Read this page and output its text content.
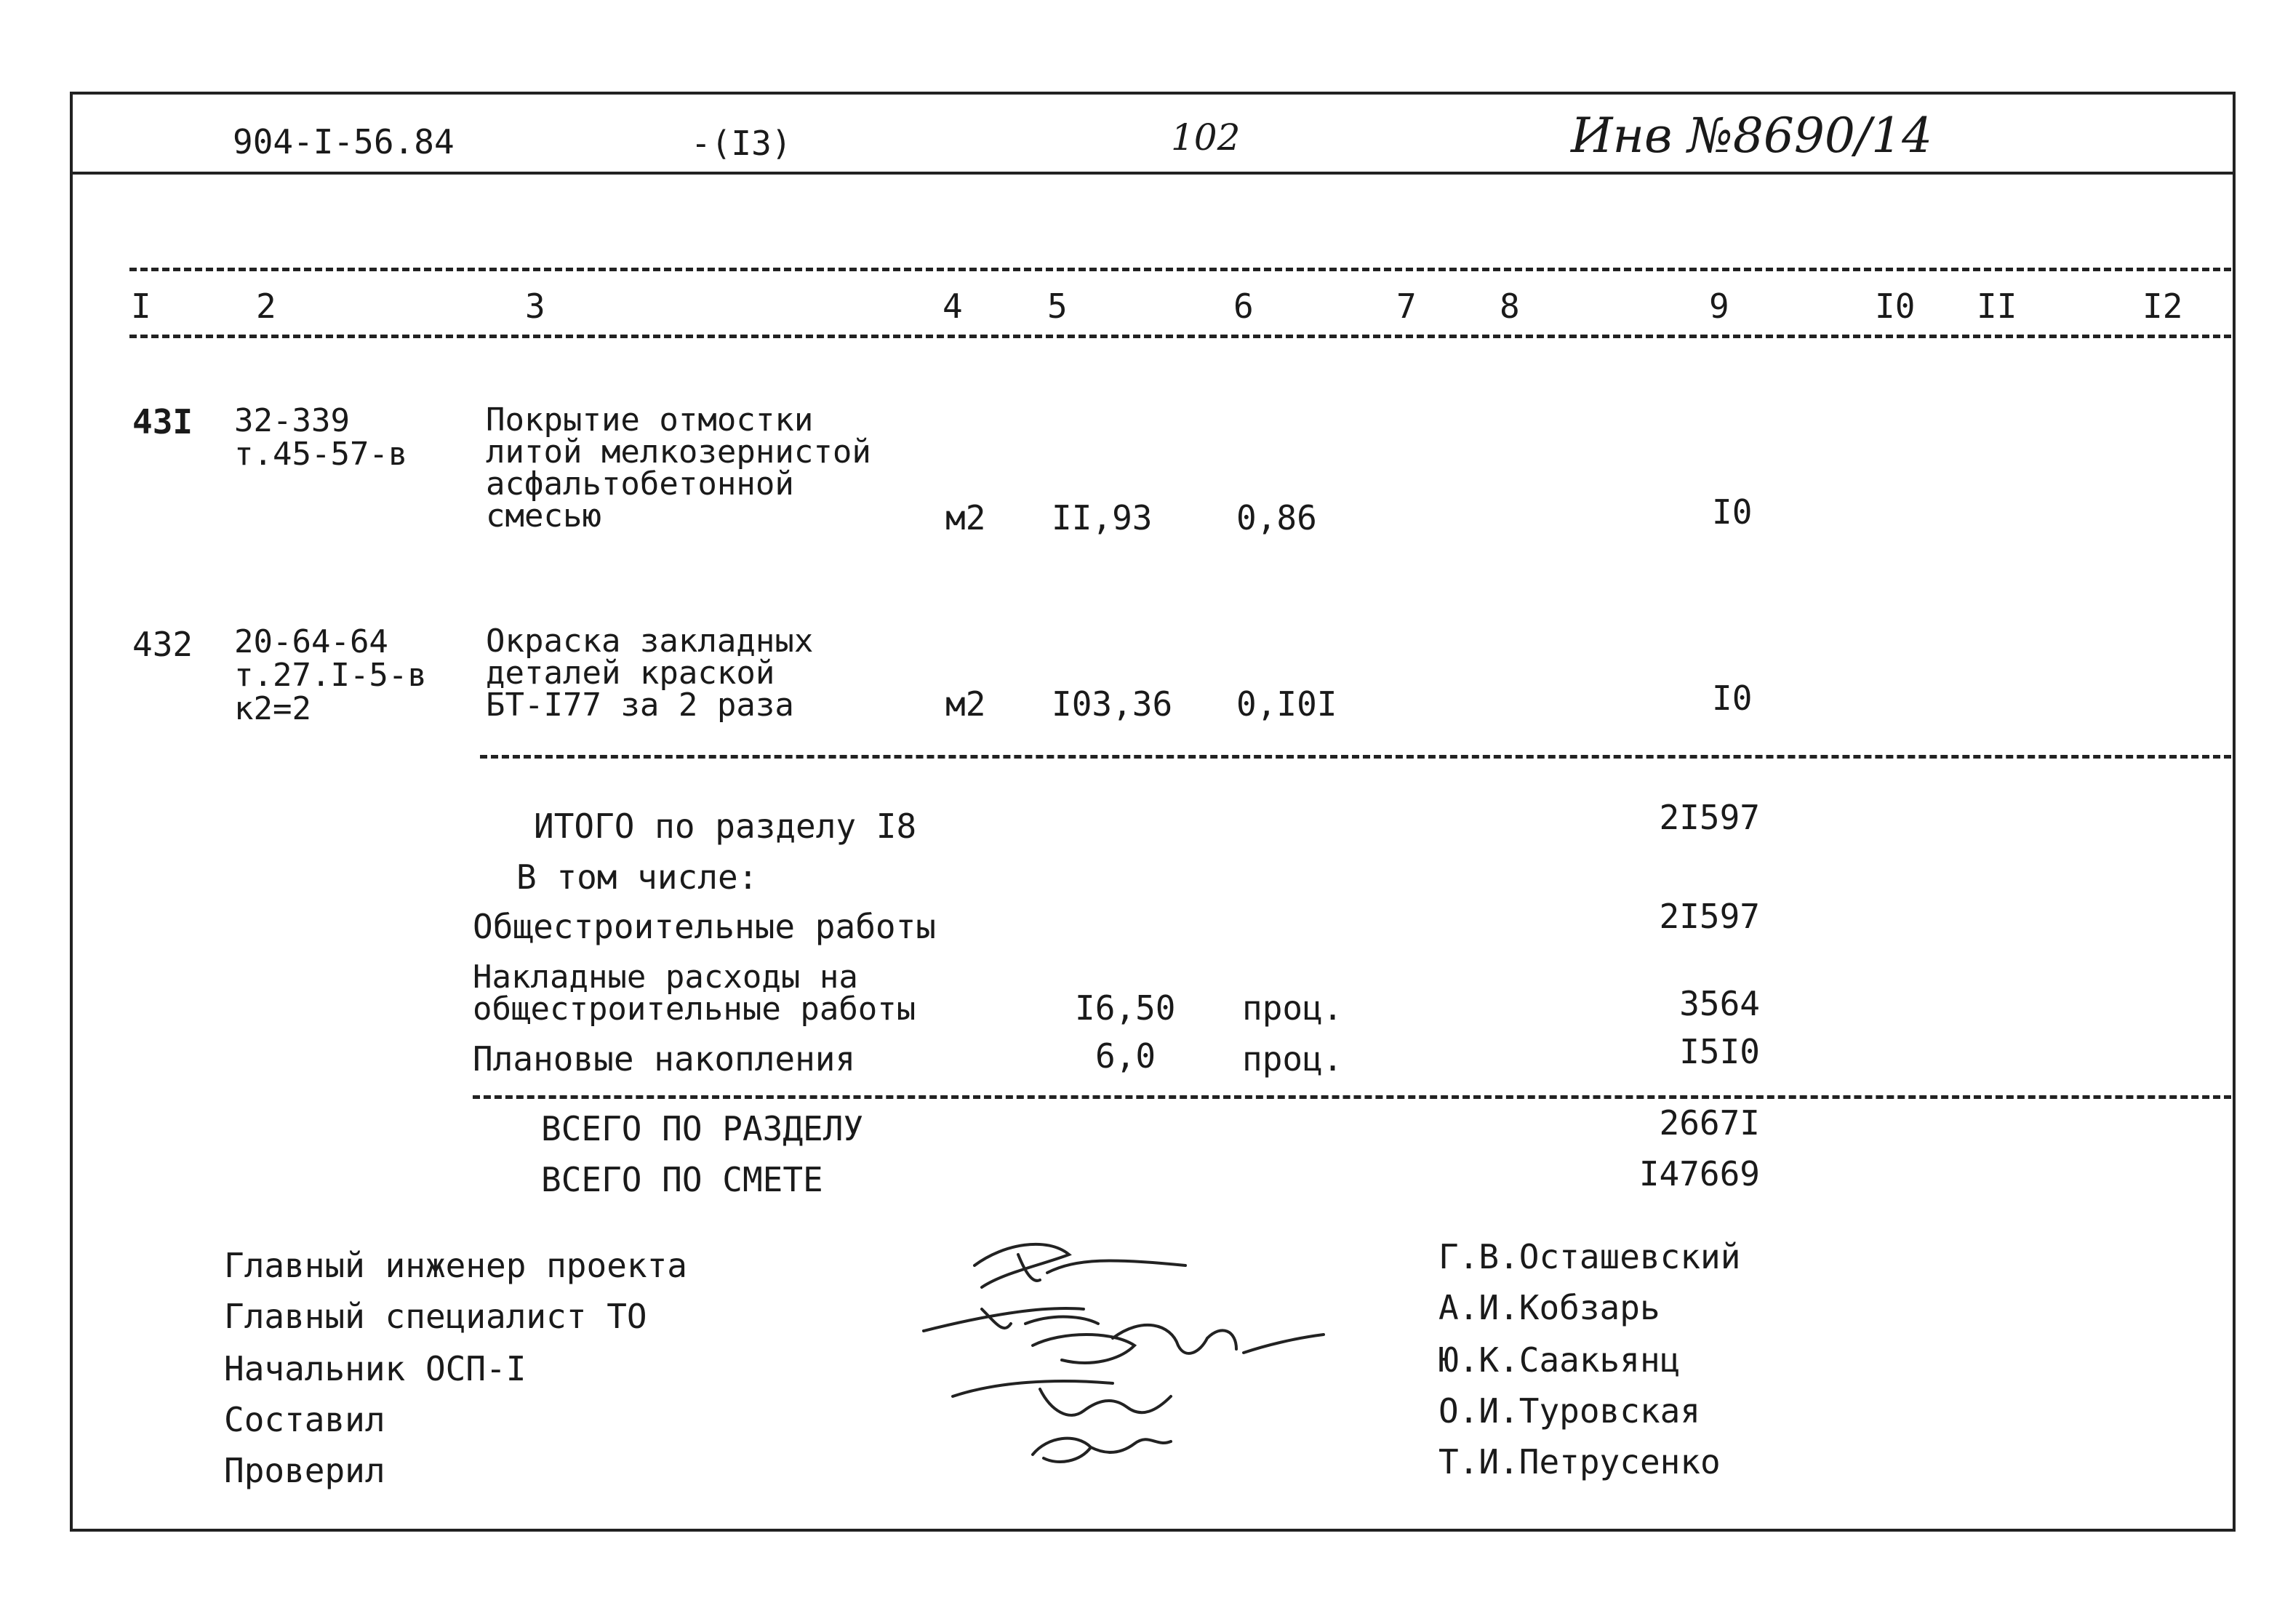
904-I-56.84	-(I3)	102	Инв №8690/14
I	2	3	4	5	6	7 8	9	I0 II	I2
43I 32-339
т.45-57-в
Покрытие отмостки
литой мелкозернистой
асфальтобетонной
смесью	м2 II,93	0,86	I0
432 20-64-64
т.27.I-5-в
к2=2
Окраска закладных
деталей краской
БТ-I77 за 2 раза	м2 I03,36 0,I0I	I0
ИТОГО по разделу I8	2I597
В том числе:
Общестроительные работы	2I597
Накладные расходы на
общестроительные работы	I6,50 проц.	3564
Плановые накопления	6,0	проц.	I5I0
ВСЕГО ПО РАЗДЕЛУ	2667I
ВСЕГО ПО СМЕТЕ	I47669
Главный инженер проекта
Главный специалист ТО
Начальник ОСП-I
Составил
Проверил
Г.В.Осташевский
А.И.Кобзарь
Ю.К.Саакьянц
О.И.Туровская
Т.И.Петрусенко
